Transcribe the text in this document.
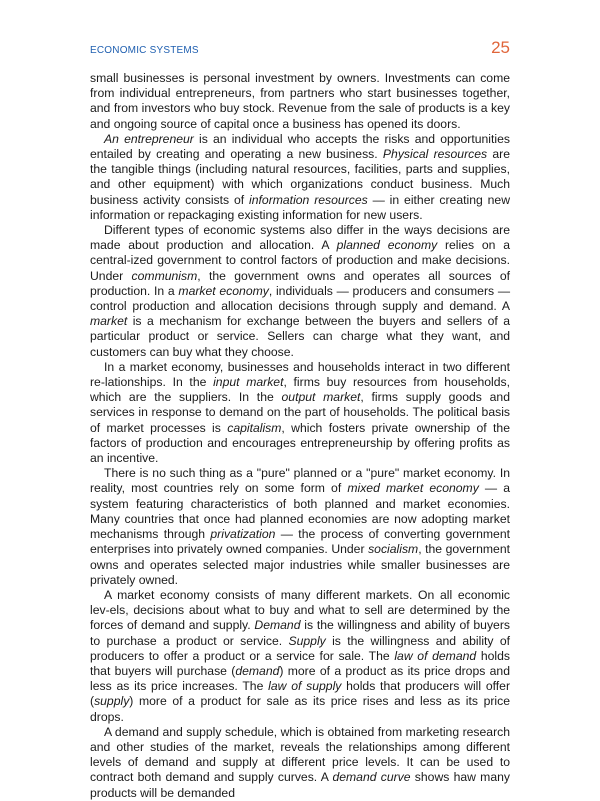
ECONOMIC SYSTEMS	25

small businesses is personal investment by owners. Investments can come from individual entrepreneurs, from partners who start businesses together, and from investors who buy stock. Revenue from the sale of products is a key and ongoing source of capital once a business has opened its doors.

An entrepreneur is an individual who accepts the risks and opportunities entailed by creating and operating a new business. Physical resources are the tangible things (including natural resources, facilities, parts and supplies, and other equipment) with which organizations conduct business. Much business activity consists of information resources — in either creating new information or repackaging existing information for new users.

Different types of economic systems also differ in the ways decisions are made about production and allocation. A planned economy relies on a central-ized government to control factors of production and make decisions. Under communism, the government owns and operates all sources of production. In a market economy, individuals — producers and consumers — control production and allocation decisions through supply and demand. A market is a mechanism for exchange between the buyers and sellers of a particular product or service. Sellers can charge what they want, and customers can buy what they choose.

In a market economy, businesses and households interact in two different re-lationships. In the input market, firms buy resources from households, which are the suppliers. In the output market, firms supply goods and services in response to demand on the part of households. The political basis of market processes is capitalism, which fosters private ownership of the factors of production and encourages entrepreneurship by offering profits as an incentive.

There is no such thing as a "pure" planned or a "pure" market economy. In reality, most countries rely on some form of mixed market economy — a system featuring characteristics of both planned and market economies. Many countries that once had planned economies are now adopting market mechanisms through privatization — the process of converting government enterprises into privately owned companies. Under socialism, the government owns and operates selected major industries while smaller businesses are privately owned.

A market economy consists of many different markets. On all economic lev-els, decisions about what to buy and what to sell are determined by the forces of demand and supply. Demand is the willingness and ability of buyers to purchase a product or service. Supply is the willingness and ability of producers to offer a product or a service for sale. The law of demand holds that buyers will purchase (demand) more of a product as its price drops and less as its price increases. The law of supply holds that producers will offer (supply) more of a product for sale as its price rises and less as its price drops.

A demand and supply schedule, which is obtained from marketing research and other studies of the market, reveals the relationships among different levels of demand and supply at different price levels. It can be used to contract both demand and supply curves. A demand curve shows haw many products will be demanded
